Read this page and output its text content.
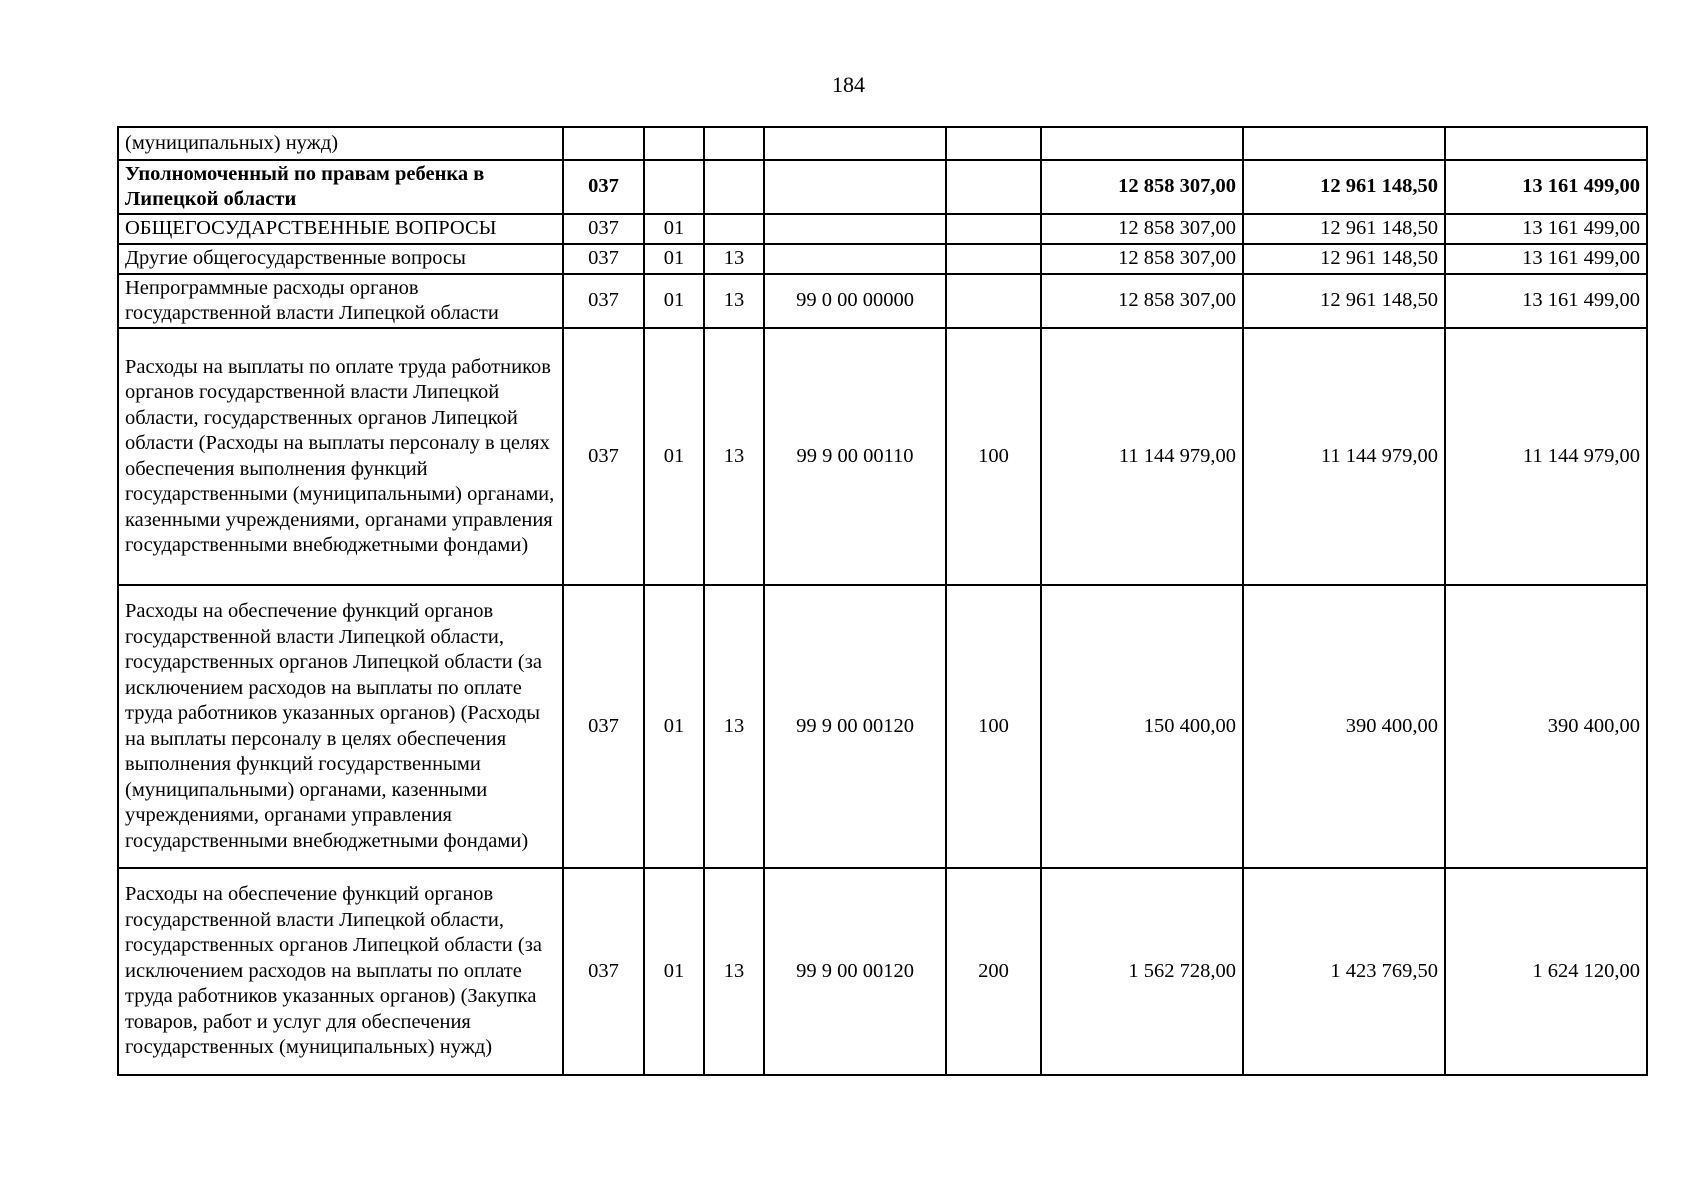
184
(муниципальных) нужд)								
Уполномоченный по правам ребенка в Липецкой области	037					12 858 307,00	12 961 148,50	13 161 499,00
ОБЩЕГОСУДАРСТВЕННЫЕ ВОПРОСЫ	037	01				12 858 307,00	12 961 148,50	13 161 499,00
Другие общегосударственные вопросы	037	01	13			12 858 307,00	12 961 148,50	13 161 499,00
Непрограммные расходы органов государственной власти Липецкой области	037	01	13	99 0 00 00000		12 858 307,00	12 961 148,50	13 161 499,00
Расходы на выплаты по оплате труда работников органов государственной власти Липецкой области, государственных органов Липецкой области (Расходы на выплаты персоналу в целях обеспечения выполнения функций государственными (муниципальными) органами, казенными учреждениями, органами управления государственными внебюджетными фондами)	037	01	13	99 9 00 00110	100	11 144 979,00	11 144 979,00	11 144 979,00
Расходы на обеспечение функций органов государственной власти Липецкой области, государственных органов Липецкой области (за исключением расходов на выплаты по оплате труда работников указанных органов) (Расходы на выплаты персоналу в целях обеспечения выполнения функций государственными (муниципальными) органами, казенными учреждениями, органами управления государственными внебюджетными фондами)	037	01	13	99 9 00 00120	100	150 400,00	390 400,00	390 400,00
Расходы на обеспечение функций органов государственной власти Липецкой области, государственных органов Липецкой области (за исключением расходов на выплаты по оплате труда работников указанных органов) (Закупка товаров, работ и услуг для обеспечения государственных (муниципальных) нужд)	037	01	13	99 9 00 00120	200	1 562 728,00	1 423 769,50	1 624 120,00
